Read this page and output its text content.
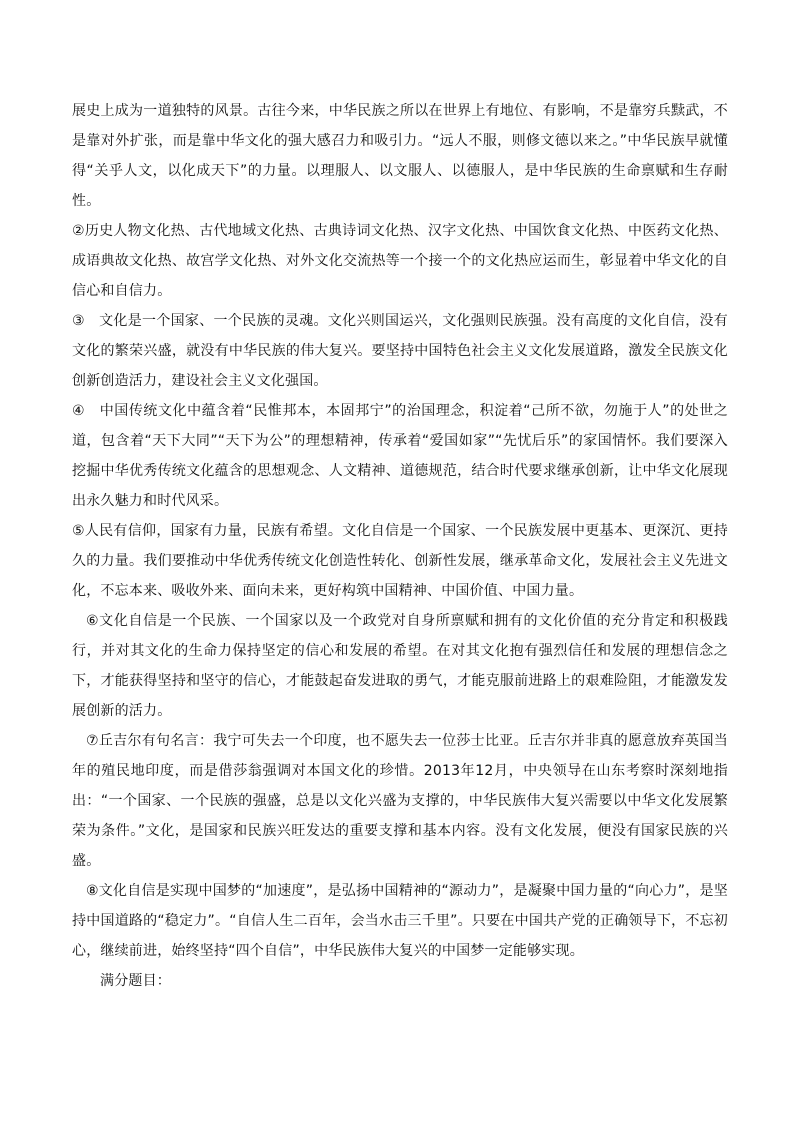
展史上成为一道独特的风景。古往今来，中华民族之所以在世界上有地位、有影响，不是靠穷兵黩武，不是靠对外扩张，而是靠中华文化的强大感召力和吸引力。“远人不服，则修文德以来之。”中华民族早就懂得“关乎人文，以化成天下”的力量。以理服人、以文服人、以德服人，是中华民族的生命禀赋和生存耐性。

②历史人物文化热、古代地域文化热、古典诗词文化热、汉字文化热、中国饮食文化热、中医药文化热、成语典故文化热、故宫学文化热、对外文化交流热等一个接一个的文化热应运而生，彰显着中华文化的自信心和自信力。

③　文化是一个国家、一个民族的灵魂。文化兴则国运兴，文化强则民族强。没有高度的文化自信，没有文化的繁荣兴盛，就没有中华民族的伟大复兴。要坚持中国特色社会主义文化发展道路，激发全民族文化创新创造活力，建设社会主义文化强国。

④　中国传统文化中蕴含着“民惟邦本，本固邦宁”的治国理念，积淀着“己所不欲，勿施于人”的处世之道，包含着“天下大同”“天下为公”的理想精神，传承着“爱国如家”“先忧后乐”的家国情怀。我们要深入挖掘中华优秀传统文化蕴含的思想观念、人文精神、道德规范，结合时代要求继承创新，让中华文化展现出永久魅力和时代风采。

⑤人民有信仰，国家有力量，民族有希望。文化自信是一个国家、一个民族发展中更基本、更深沉、更持久的力量。我们要推动中华优秀传统文化创造性转化、创新性发展，继承革命文化，发展社会主义先进文化，不忘本来、吸收外来、面向未来，更好构筑中国精神、中国价值、中国力量。

⑥文化自信是一个民族、一个国家以及一个政党对自身所禀赋和拥有的文化价值的充分肯定和积极践行，并对其文化的生命力保持坚定的信心和发展的希望。在对其文化抱有强烈信任和发展的理想信念之下，才能获得坚持和坚守的信心，才能鼓起奋发进取的勇气，才能克服前进路上的艰难险阻，才能激发发展创新的活力。

⑦丘吉尔有句名言：我宁可失去一个印度，也不愿失去一位莎士比亚。丘吉尔并非真的愿意放弃英国当年的殖民地印度，而是借莎翁强调对本国文化的珍惜。2013年12月，中央领导在山东考察时深刻地指出：“一个国家、一个民族的强盛，总是以文化兴盛为支撑的，中华民族伟大复兴需要以中华文化发展繁荣为条件。”文化，是国家和民族兴旺发达的重要支撑和基本内容。没有文化发展，便没有国家民族的兴盛。

⑧文化自信是实现中国梦的“加速度”，是弘扬中国精神的“源动力”，是凝聚中国力量的“向心力”，是坚持中国道路的“稳定力”。“自信人生二百年，会当水击三千里”。只要在中国共产党的正确领导下，不忘初心，继续前进，始终坚持“四个自信”，中华民族伟大复兴的中国梦一定能够实现。

满分题目：
